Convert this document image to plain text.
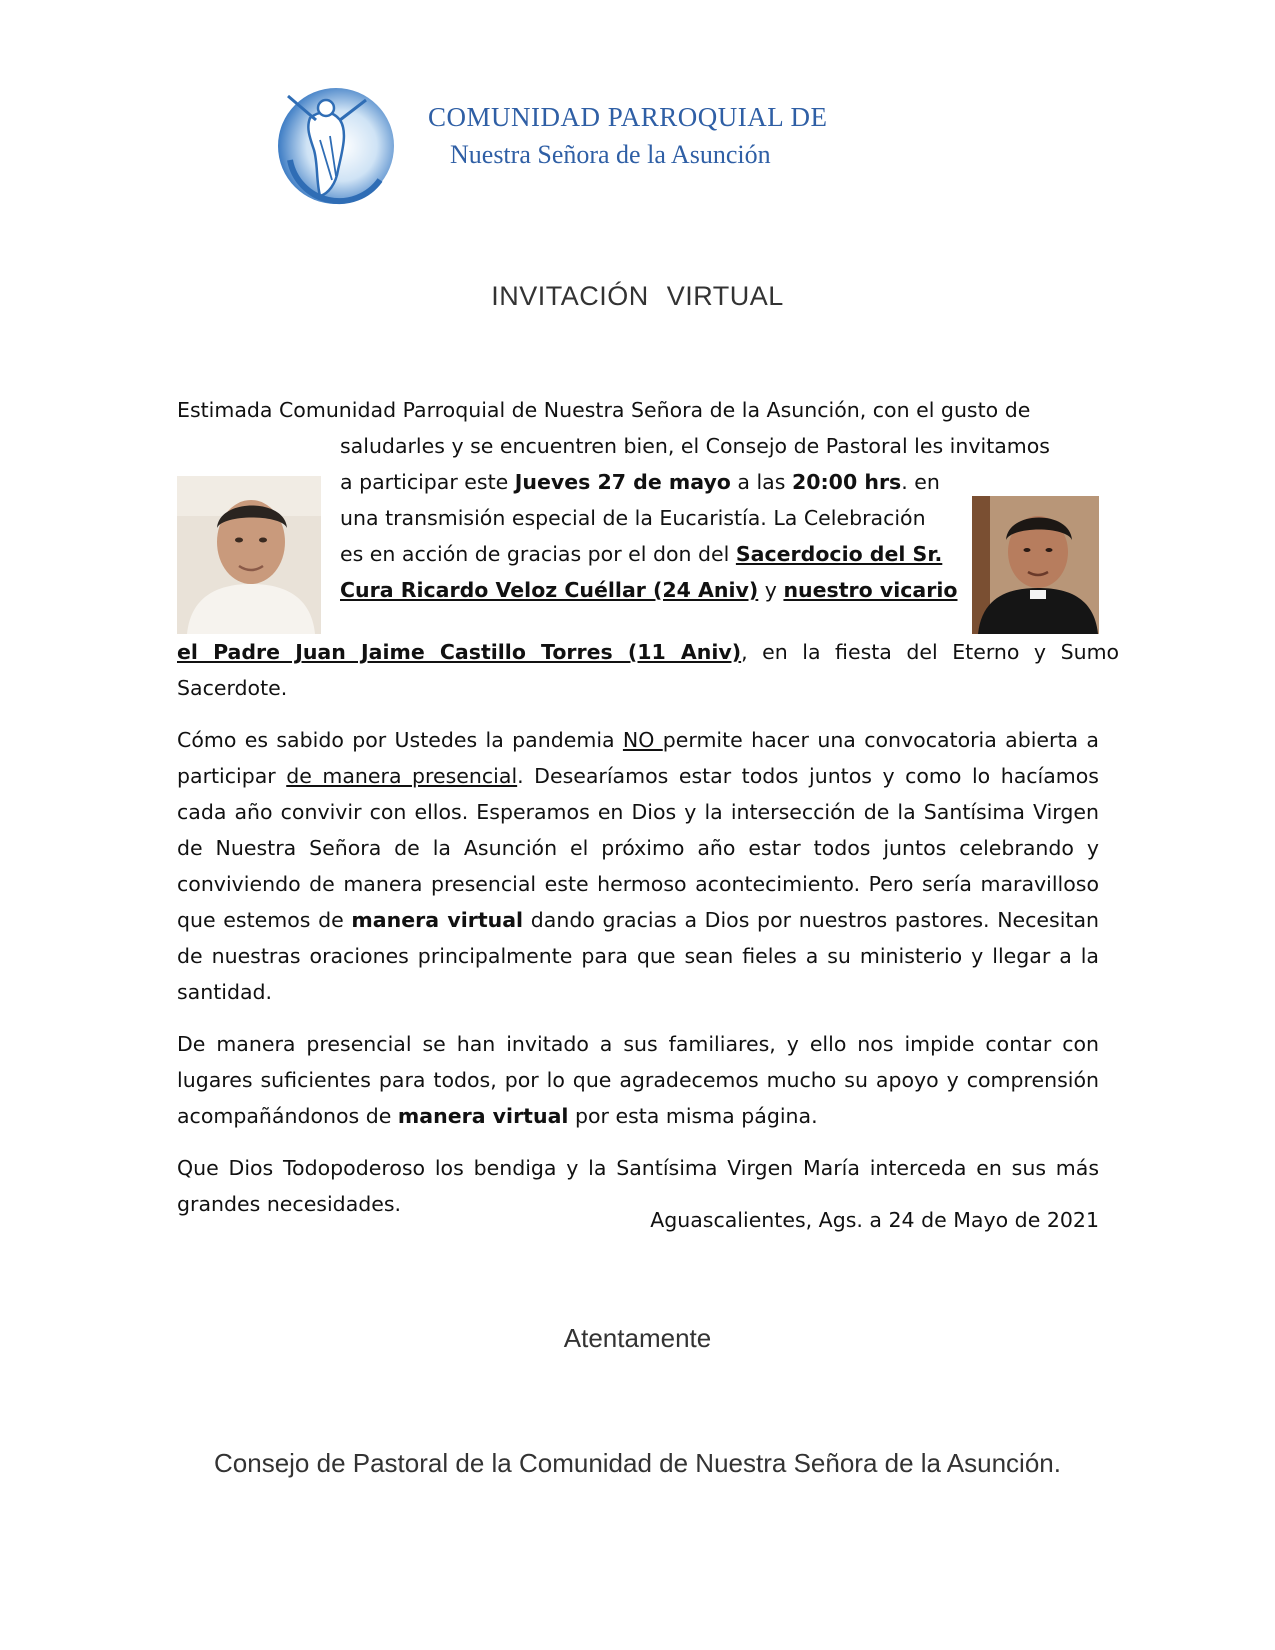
COMUNIDAD PARROQUIAL DE
Nuestra Señora de la Asunción
INVITACIÓN VIRTUAL

Estimada Comunidad Parroquial de Nuestra Señora de la Asunción, con el gusto de
saludarles y se encuentren bien, el Consejo de Pastoral les invitamos
a participar este Jueves 27 de mayo a las 20:00 hrs. en
una transmisión especial de la Eucaristía. La Celebración
es en acción de gracias por el don del Sacerdocio del Sr.
Cura Ricardo Veloz Cuéllar (24 Aniv) y nuestro vicario
el Padre Juan Jaime Castillo Torres (11 Aniv), en la fiesta del Eterno y Sumo
Sacerdote.

Cómo es sabido por Ustedes la pandemia NO permite hacer una convocatoria abierta a participar de manera presencial. Desearíamos estar todos juntos y como lo hacíamos cada año convivir con ellos. Esperamos en Dios y la intersección de la Santísima Virgen de Nuestra Señora de la Asunción el próximo año estar todos juntos celebrando y conviviendo de manera presencial este hermoso acontecimiento. Pero sería maravilloso que estemos de manera virtual dando gracias a Dios por nuestros pastores. Necesitan de nuestras oraciones principalmente para que sean fieles a su ministerio y llegar a la santidad.

De manera presencial se han invitado a sus familiares, y ello nos impide contar con lugares suficientes para todos, por lo que agradecemos mucho su apoyo y comprensión acompañándonos de manera virtual por esta misma página.

Que Dios Todopoderoso los bendiga y la Santísima Virgen María interceda en sus más grandes necesidades.

Aguascalientes, Ags. a 24 de Mayo de 2021
Atentamente
Consejo de Pastoral de la Comunidad de Nuestra Señora de la Asunción.
